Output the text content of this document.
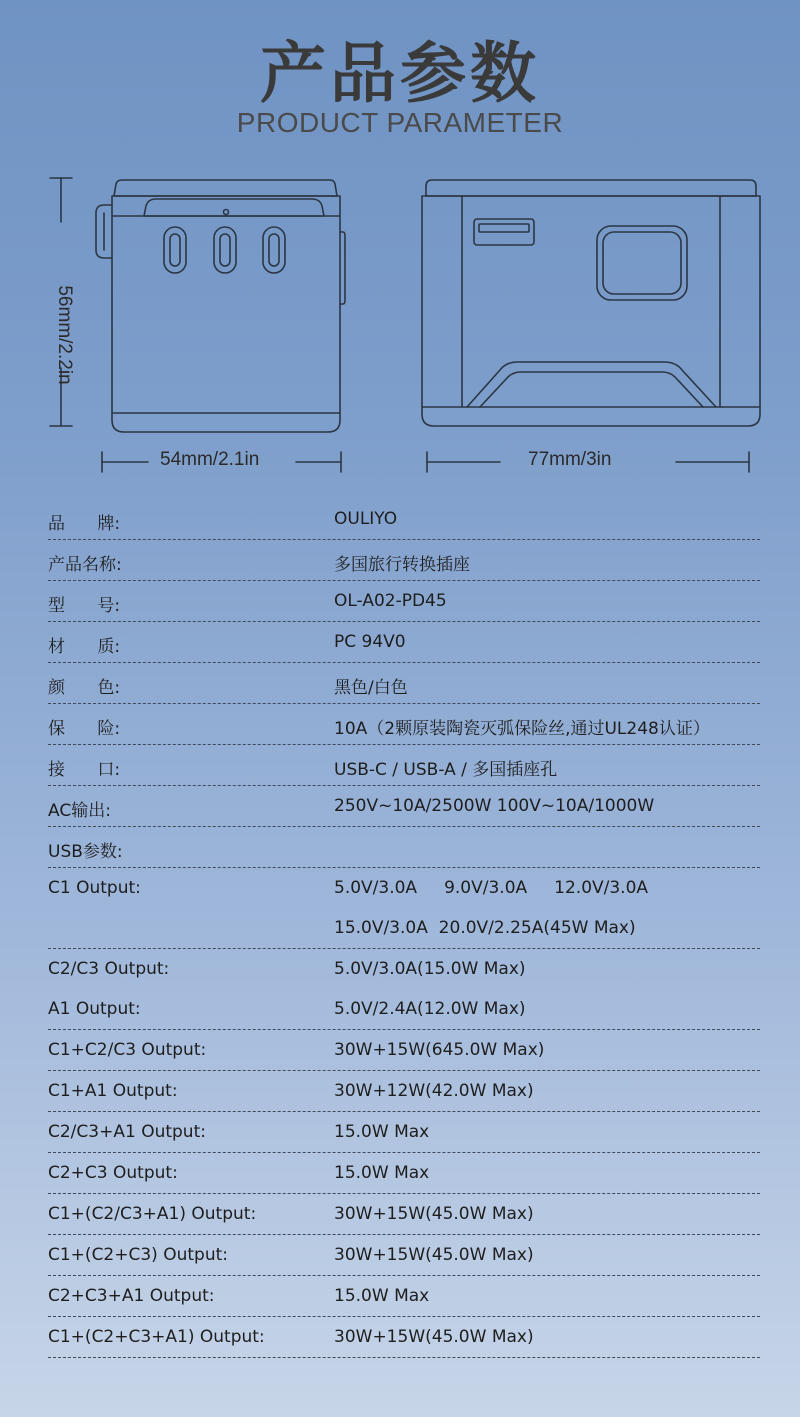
产品参数
PRODUCT PARAMETER
56mm/2.2in
54mm/2.1in	77mm/3in
品      牌:	OULIYO
产品名称:	多国旅行转换插座
型      号:	OL-A02-PD45
材      质:	PC 94V0
颜      色:	黑色/白色
保      险:	10A（2颗原装陶瓷灭弧保险丝,通过UL248认证）
接      口:	USB-C / USB-A / 多国插座孔
AC输出:	250V~10A/2500W 100V~10A/1000W
USB参数:
C1 Output:	5.0V/3.0A     9.0V/3.0A     12.0V/3.0A
15.0V/3.0A  20.0V/2.25A(45W Max)
C2/C3 Output:	5.0V/3.0A(15.0W Max)
A1 Output:	5.0V/2.4A(12.0W Max)
C1+C2/C3 Output:	30W+15W(645.0W Max)
C1+A1 Output:	30W+12W(42.0W Max)
C2/C3+A1 Output:	15.0W Max
C2+C3 Output:	15.0W Max
C1+(C2/C3+A1) Output:	30W+15W(45.0W Max)
C1+(C2+C3) Output:	30W+15W(45.0W Max)
C2+C3+A1 Output:	15.0W Max
C1+(C2+C3+A1) Output:	30W+15W(45.0W Max)
